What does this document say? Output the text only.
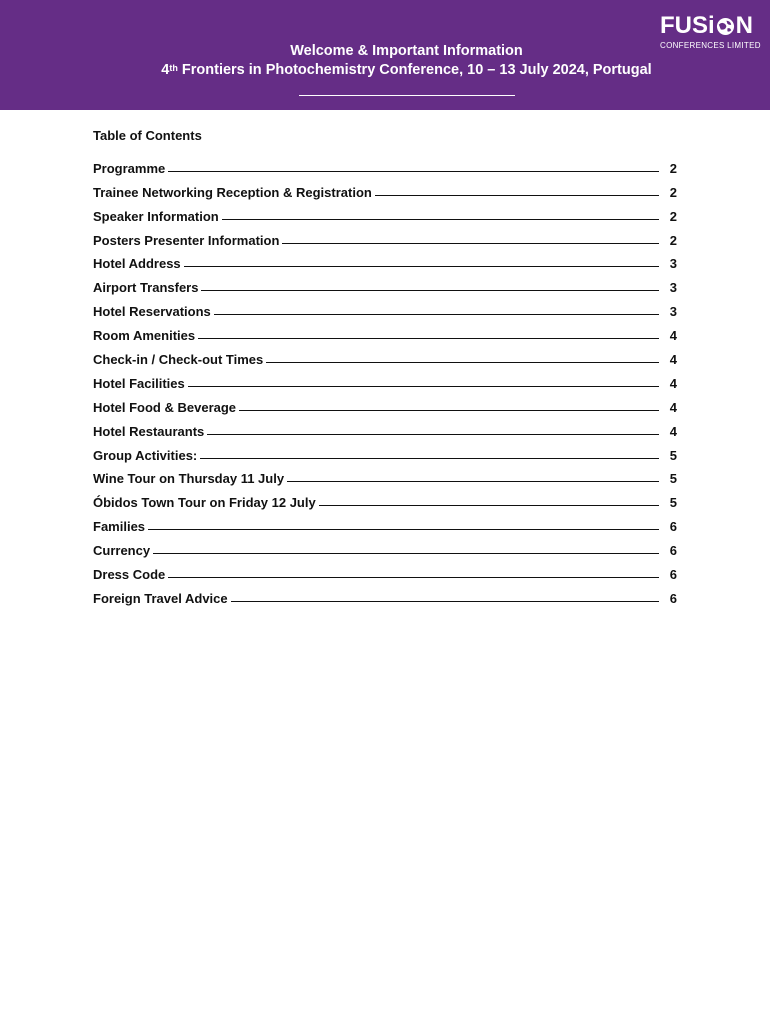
Welcome & Important Information
4th Frontiers in Photochemistry Conference, 10 – 13 July 2024, Portugal
FUSi N
CONFERENCES LIMITED
Table of Contents
Programme	2
Trainee Networking Reception & Registration	2
Speaker Information	2
Posters Presenter Information	2
Hotel Address	3
Airport Transfers	3
Hotel Reservations	3
Room Amenities	4
Check-in / Check-out Times	4
Hotel Facilities	4
Hotel Food & Beverage	4
Hotel Restaurants	4
Group Activities:	5
Wine Tour on Thursday 11 July	5
Óbidos Town Tour on Friday 12 July	5
Families	6
Currency	6
Dress Code	6
Foreign Travel Advice	6
